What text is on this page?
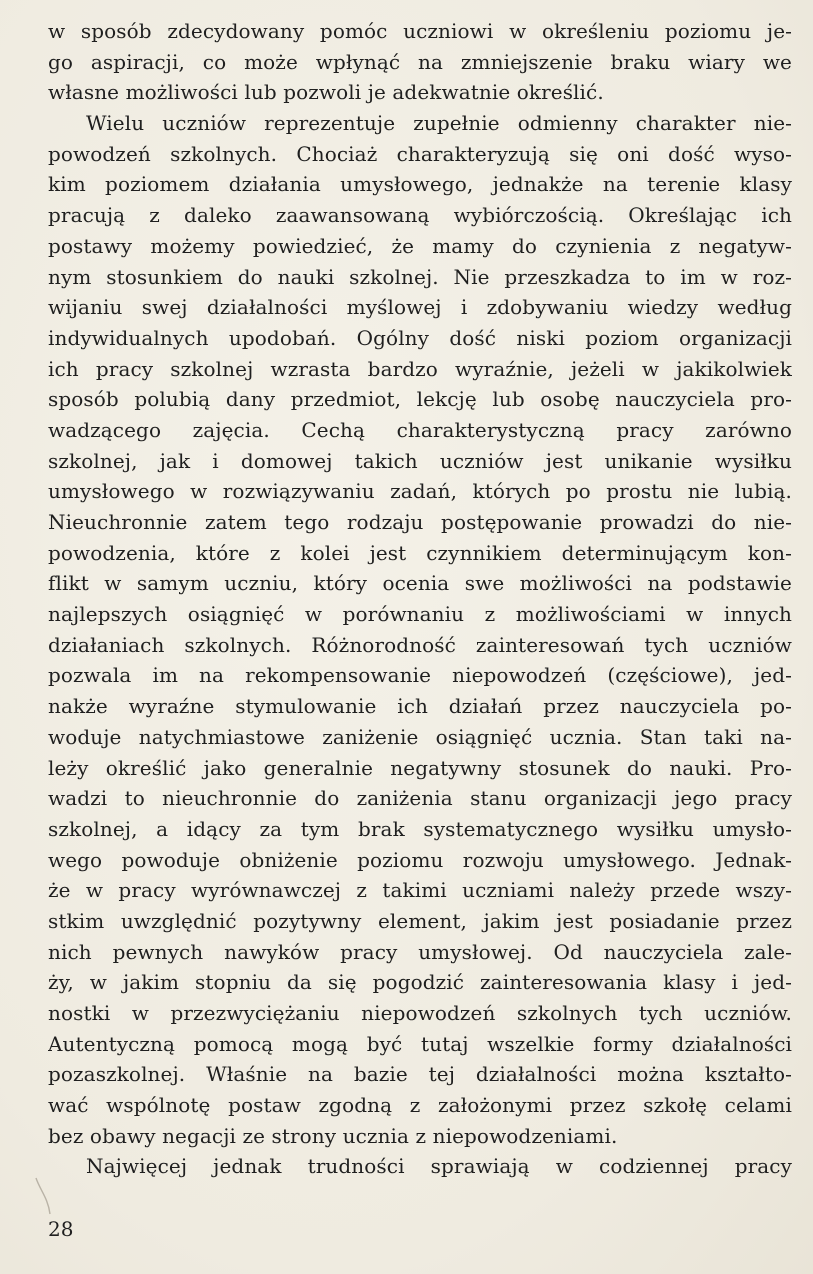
w sposób zdecydowany pomóc uczniowi w określeniu poziomu je-
go aspiracji, co może wpłynąć na zmniejszenie braku wiary we
własne możliwości lub pozwoli je adekwatnie określić.
Wielu uczniów reprezentuje zupełnie odmienny charakter nie-
powodzeń szkolnych. Chociaż charakteryzują się oni dość wyso-
kim poziomem działania umysłowego, jednakże na terenie klasy
pracują z daleko zaawansowaną wybiórczością. Określając ich
postawy możemy powiedzieć, że mamy do czynienia z negatyw-
nym stosunkiem do nauki szkolnej. Nie przeszkadza to im w roz-
wijaniu swej działalności myślowej i zdobywaniu wiedzy według
indywidualnych upodobań. Ogólny dość niski poziom organizacji
ich pracy szkolnej wzrasta bardzo wyraźnie, jeżeli w jakikolwiek
sposób polubią dany przedmiot, lekcję lub osobę nauczyciela pro-
wadzącego zajęcia. Cechą charakterystyczną pracy zarówno
szkolnej, jak i domowej takich uczniów jest unikanie wysiłku
umysłowego w rozwiązywaniu zadań, których po prostu nie lubią.
Nieuchronnie zatem tego rodzaju postępowanie prowadzi do nie-
powodzenia, które z kolei jest czynnikiem determinującym kon-
flikt w samym uczniu, który ocenia swe możliwości na podstawie
najlepszych osiągnięć w porównaniu z możliwościami w innych
działaniach szkolnych. Różnorodność zainteresowań tych uczniów
pozwala im na rekompensowanie niepowodzeń (częściowe), jed-
nakże wyraźne stymulowanie ich działań przez nauczyciela po-
woduje natychmiastowe zaniżenie osiągnięć ucznia. Stan taki na-
leży określić jako generalnie negatywny stosunek do nauki. Pro-
wadzi to nieuchronnie do zaniżenia stanu organizacji jego pracy
szkolnej, a idący za tym brak systematycznego wysiłku umysło-
wego powoduje obniżenie poziomu rozwoju umysłowego. Jednak-
że w pracy wyrównawczej z takimi uczniami należy przede wszy-
stkim uwzględnić pozytywny element, jakim jest posiadanie przez
nich pewnych nawyków pracy umysłowej. Od nauczyciela zale-
ży, w jakim stopniu da się pogodzić zainteresowania klasy i jed-
nostki w przezwyciężaniu niepowodzeń szkolnych tych uczniów.
Autentyczną pomocą mogą być tutaj wszelkie formy działalności
pozaszkolnej. Właśnie na bazie tej działalności można kształto-
wać wspólnotę postaw zgodną z założonymi przez szkołę celami
bez obawy negacji ze strony ucznia z niepowodzeniami.
Najwięcej jednak trudności sprawiają w codziennej pracy
28
